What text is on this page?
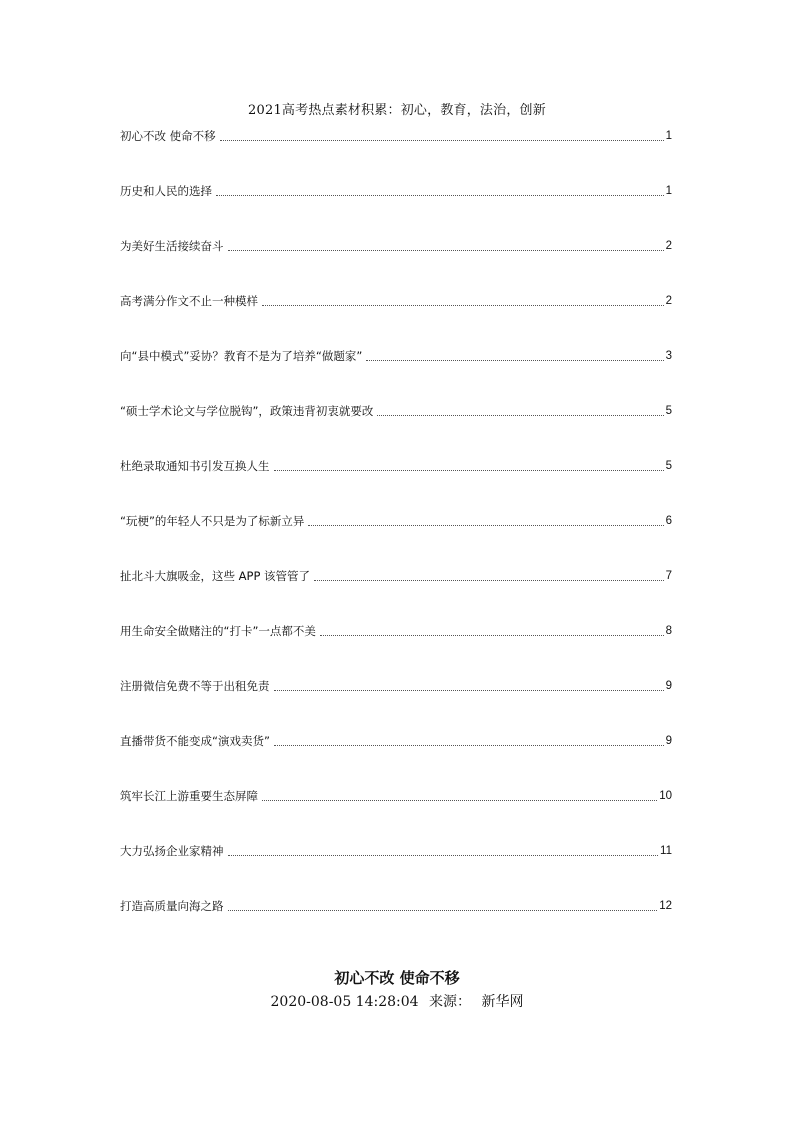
2021高考热点素材积累：初心，教育，法治，创新
初心不改 使命不移	1
历史和人民的选择	1
为美好生活接续奋斗	2
高考满分作文不止一种模样	2
向“县中模式”妥协？教育不是为了培养“做题家”	3
“硕士学术论文与学位脱钩”，政策违背初衷就要改	5
杜绝录取通知书引发互换人生	5
“玩梗”的年轻人不只是为了标新立异	6
扯北斗大旗吸金，这些 APP 该管管了	7
用生命安全做赌注的“打卡”一点都不美	8
注册微信免费不等于出租免责	9
直播带货不能变成“演戏卖货”	9
筑牢长江上游重要生态屏障	10
大力弘扬企业家精神	11
打造高质量向海之路	12
初心不改 使命不移
2020-08-05 14:28:04 来源： 新华网
